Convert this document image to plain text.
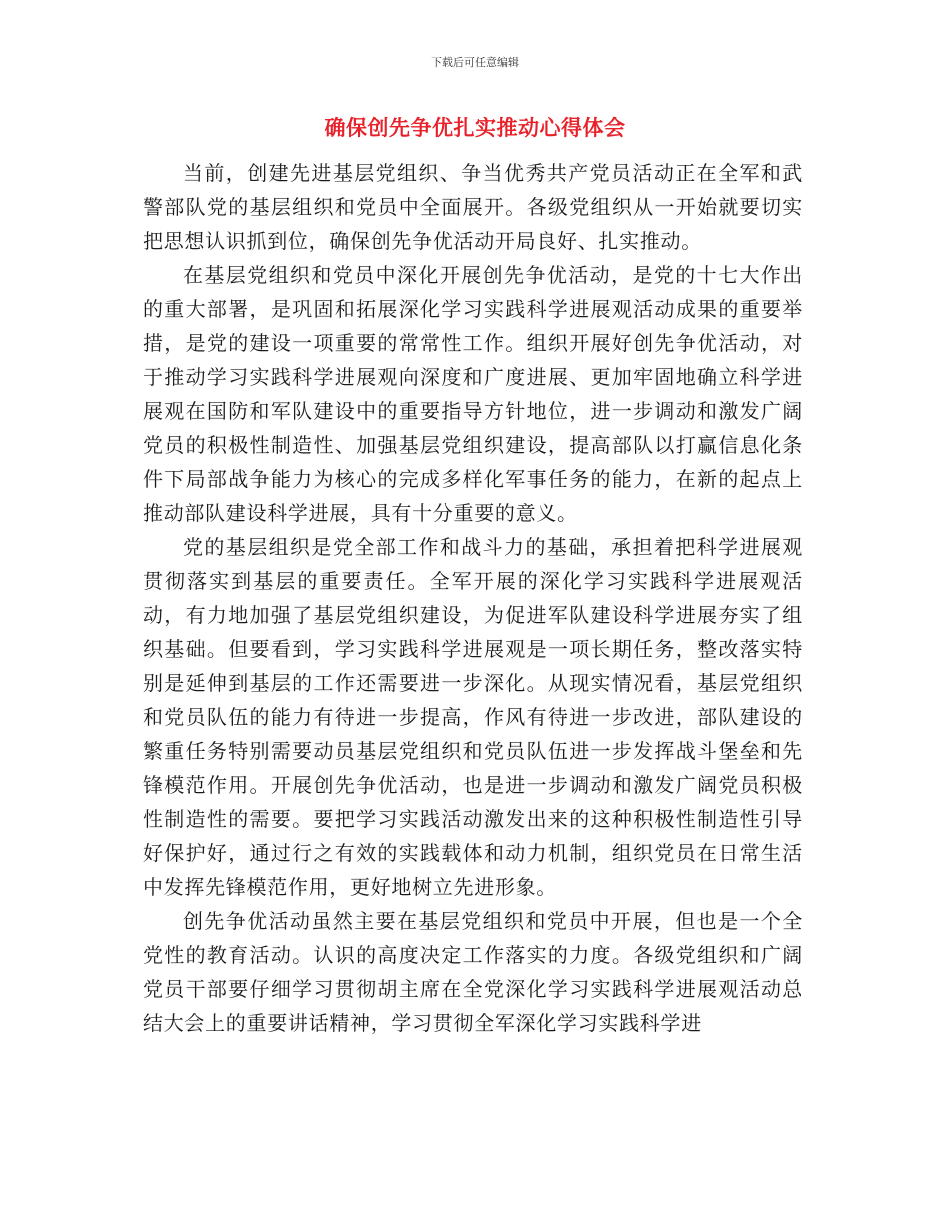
下载后可任意编辑
确保创先争优扎实推动心得体会

当前，创建先进基层党组织、争当优秀共产党员活动正在全军和武警部队党的基层组织和党员中全面展开。各级党组织从一开始就要切实把思想认识抓到位，确保创先争优活动开局良好、扎实推动。

在基层党组织和党员中深化开展创先争优活动，是党的十七大作出的重大部署，是巩固和拓展深化学习实践科学进展观活动成果的重要举措，是党的建设一项重要的常常性工作。组织开展好创先争优活动，对于推动学习实践科学进展观向深度和广度进展、更加牢固地确立科学进展观在国防和军队建设中的重要指导方针地位，进一步调动和激发广阔党员的积极性制造性、加强基层党组织建设，提高部队以打赢信息化条件下局部战争能力为核心的完成多样化军事任务的能力，在新的起点上推动部队建设科学进展，具有十分重要的意义。

党的基层组织是党全部工作和战斗力的基础，承担着把科学进展观贯彻落实到基层的重要责任。全军开展的深化学习实践科学进展观活动，有力地加强了基层党组织建设，为促进军队建设科学进展夯实了组织基础。但要看到，学习实践科学进展观是一项长期任务，整改落实特别是延伸到基层的工作还需要进一步深化。从现实情况看，基层党组织和党员队伍的能力有待进一步提高，作风有待进一步改进，部队建设的繁重任务特别需要动员基层党组织和党员队伍进一步发挥战斗堡垒和先锋模范作用。开展创先争优活动，也是进一步调动和激发广阔党员积极性制造性的需要。要把学习实践活动激发出来的这种积极性制造性引导好保护好，通过行之有效的实践载体和动力机制，组织党员在日常生活中发挥先锋模范作用，更好地树立先进形象。

创先争优活动虽然主要在基层党组织和党员中开展，但也是一个全党性的教育活动。认识的高度决定工作落实的力度。各级党组织和广阔党员干部要仔细学习贯彻胡主席在全党深化学习实践科学进展观活动总结大会上的重要讲话精神，学习贯彻全军深化学习实践科学进
